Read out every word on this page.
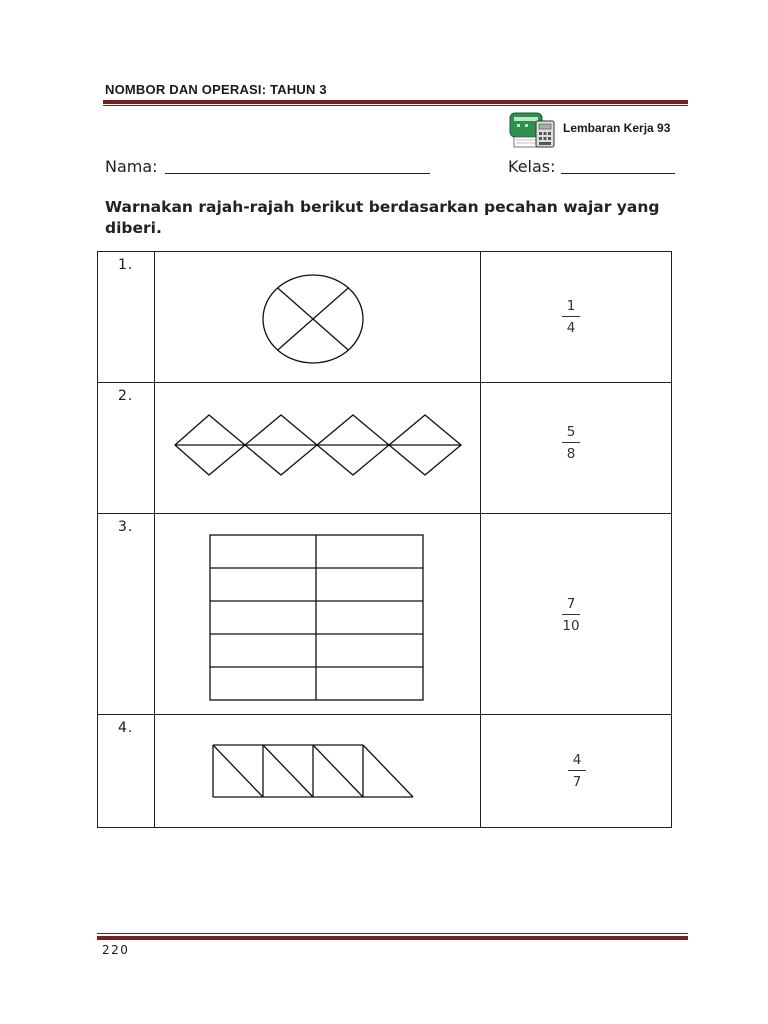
NOMBOR DAN OPERASI: TAHUN 3
Lembaran Kerja 93
Nama:	Kelas:
Warnakan rajah-rajah berikut berdasarkan pecahan wajar yang diberi.
1.
1
4
2.
5
8
3.
7
10
4.
4
7
220
